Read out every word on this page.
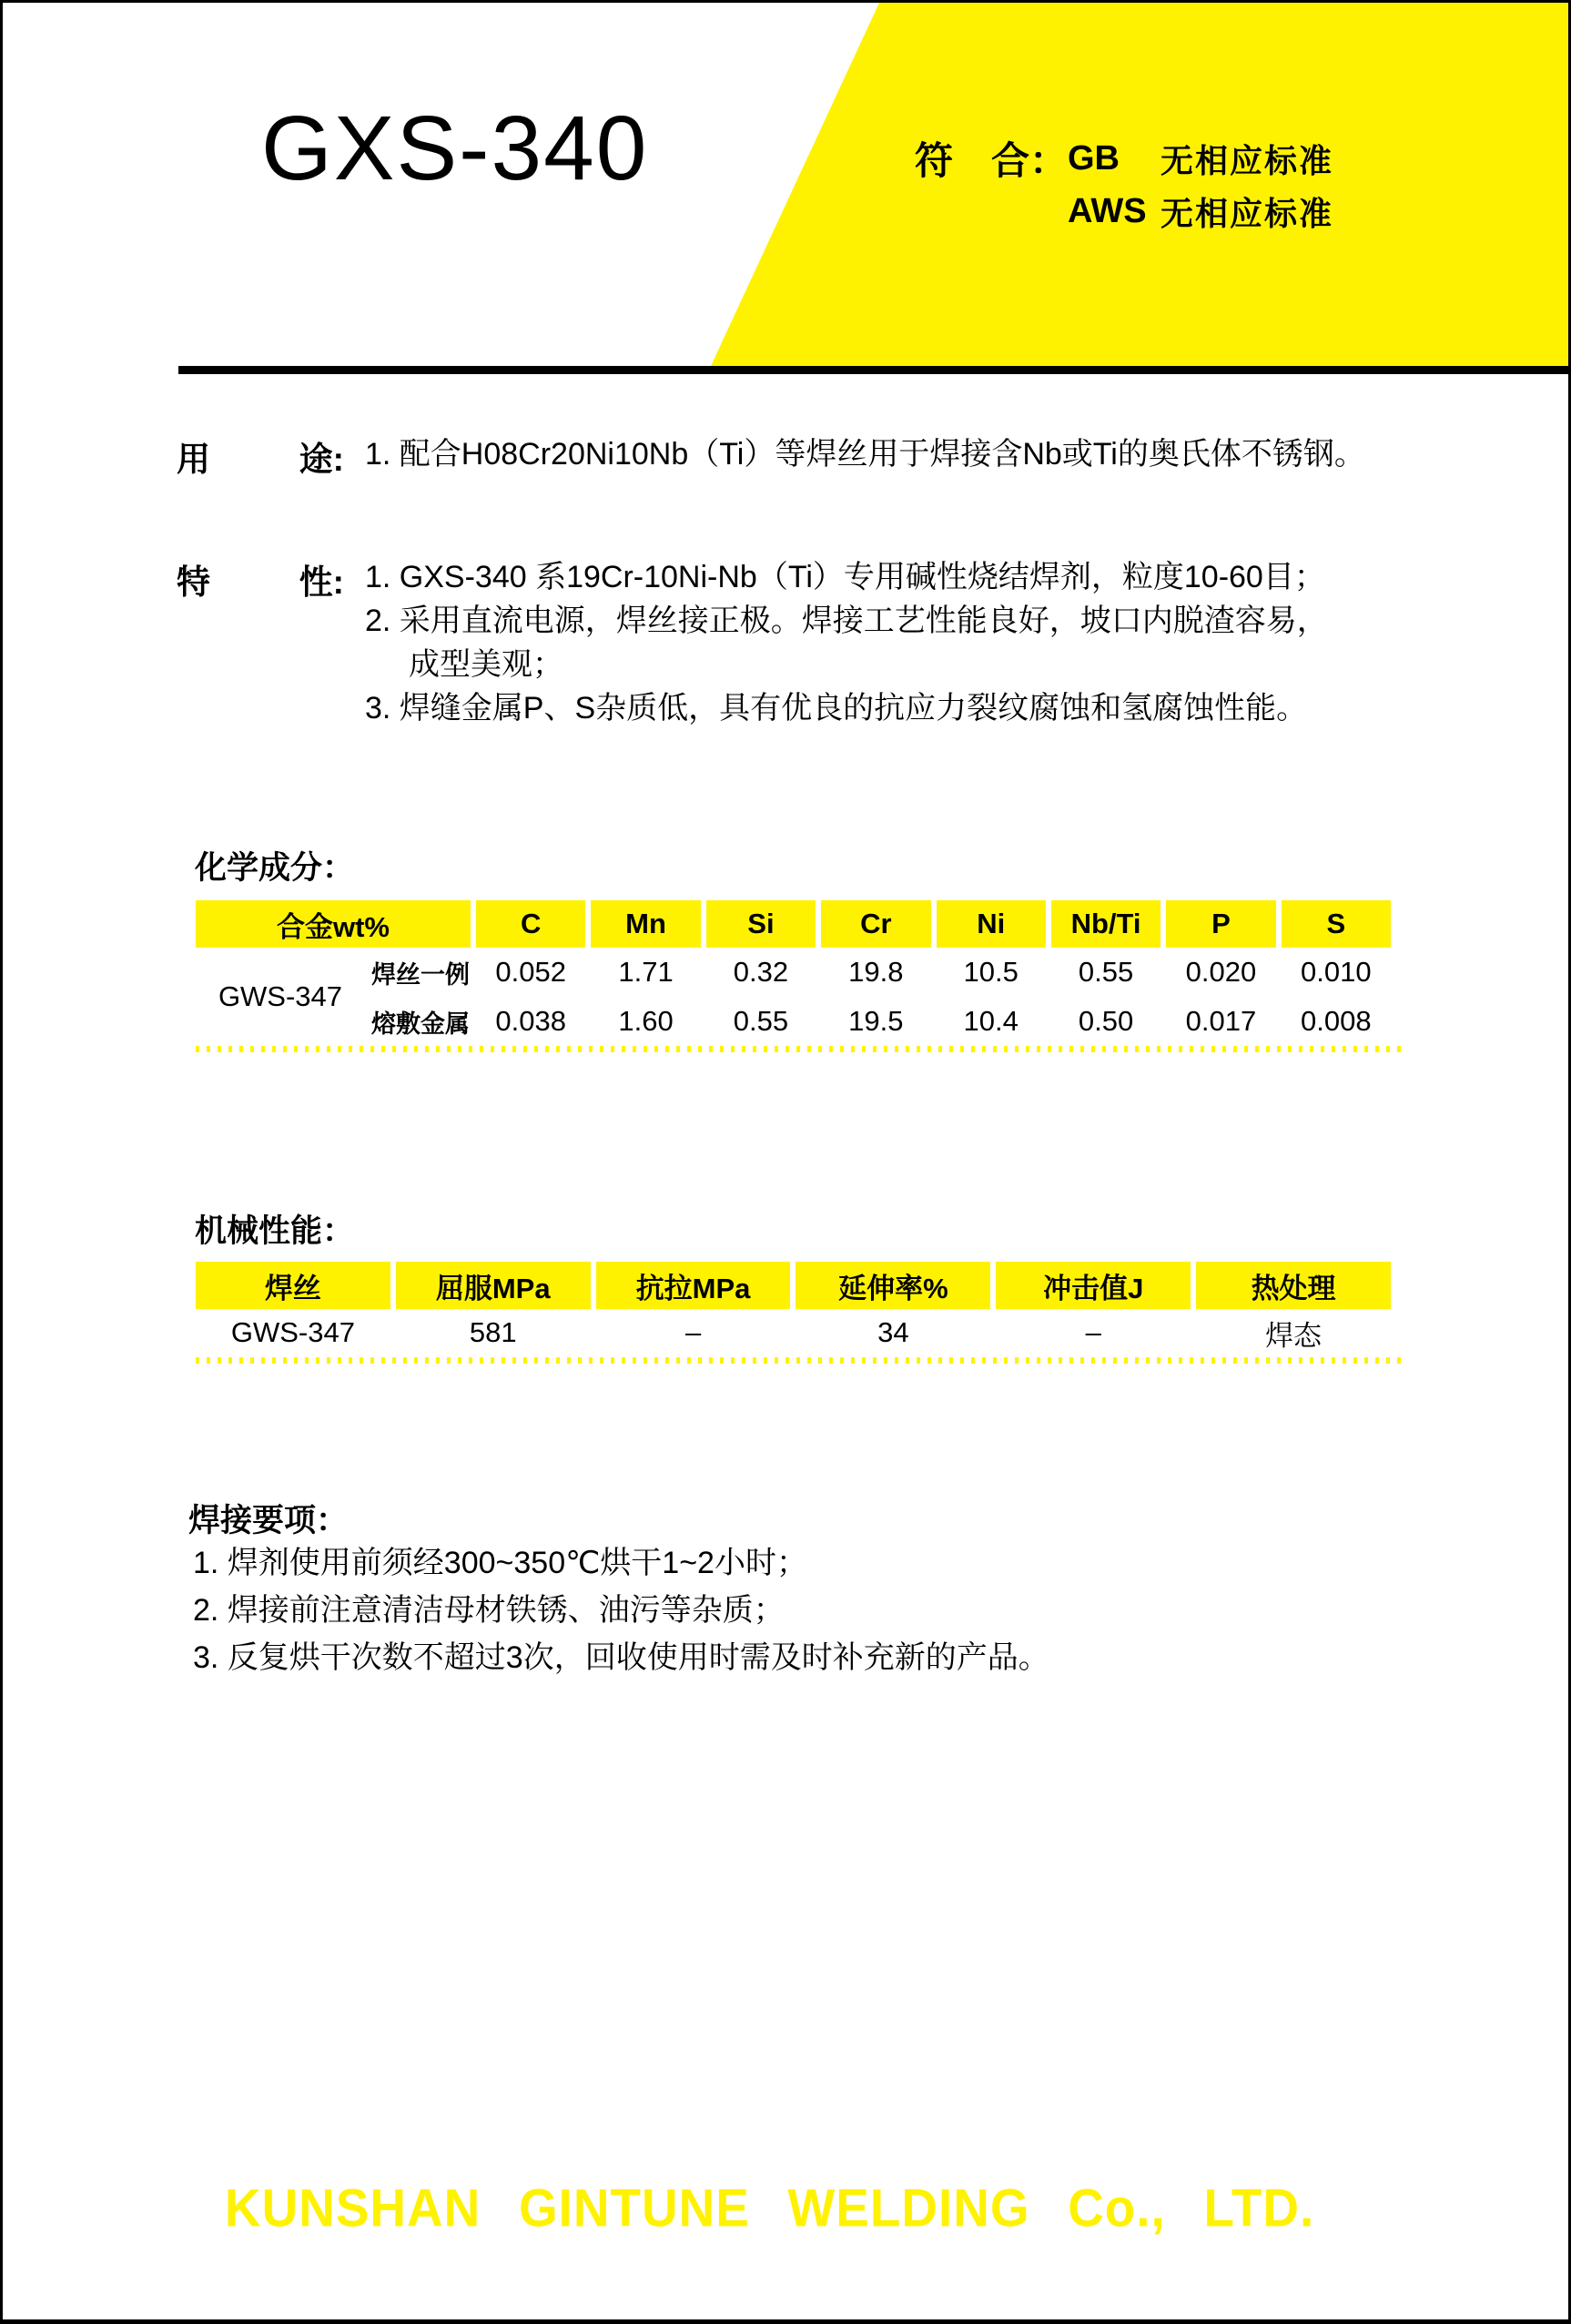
GXS-340	符　合： GB	无相应标准
AWS 无相应标准
用	途: 1. 配合H08Cr20Ni10Nb（Ti）等焊丝用于焊接含Nb或Ti的奥氏体不锈钢。
特	性: 1. GXS-340 系19Cr-10Ni-Nb（Ti）专用碱性烧结焊剂，粒度10-60目；
2. 采用直流电源，焊丝接正极。焊接工艺性能良好，坡口内脱渣容易，
成型美观；
3. 焊缝金属P、S杂质低，具有优良的抗应力裂纹腐蚀和氢腐蚀性能。
化学成分：
合金wt%	C	Mn	Si	Cr	Ni	Nb/Ti	P	S
GWS-347
焊丝一例 0.052	1.71	0.32	19.8	10.5	0.55	0.020	0.010
熔敷金属 0.038	1.60	0.55	19.5	10.4	0.50	0.017	0.008
机械性能：
焊丝	屈服MPa	抗拉MPa	延伸率%	冲击值J	热处理
GWS-347	581	–	34	–	焊态
焊接要项：
1. 焊剂使用前须经300~350℃烘干1~2小时；
2. 焊接前注意清洁母材铁锈、油污等杂质；
3. 反复烘干次数不超过3次，回收使用时需及时补充新的产品。
KUNSHAN GINTUNE WELDING Co., LTD.
